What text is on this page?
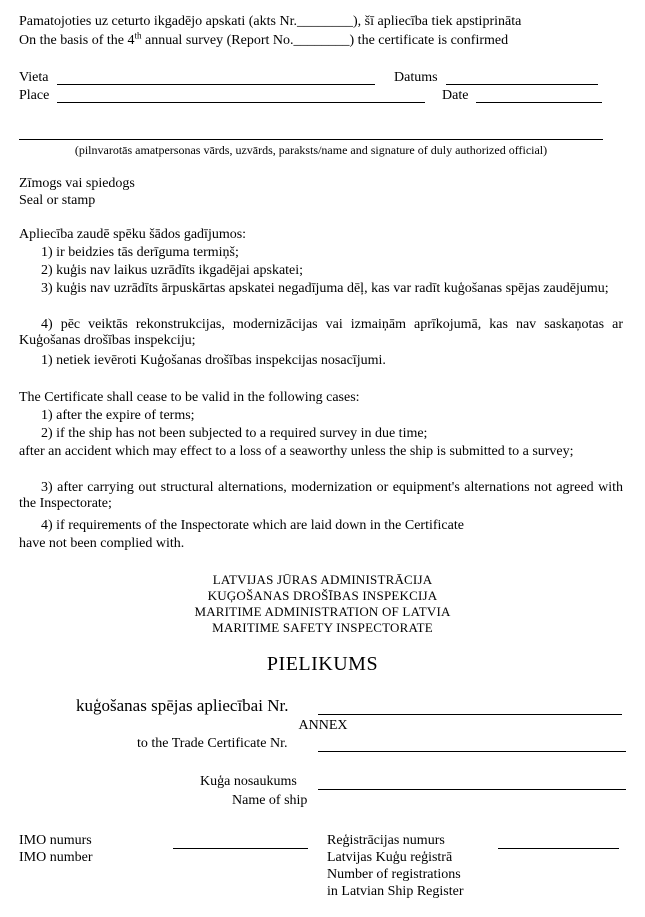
Pamatojoties uz ceturto ikgadējo apskati (akts Nr.________), šī apliecība tiek apstiprināta
On the basis of the 4th annual survey (Report No.________) the certificate is confirmed
Vieta	Datums
Place	Date
(pilnvarotās amatpersonas vārds, uzvārds, paraksts/name and signature of duly authorized official)
Zīmogs vai spiedogs
Seal or stamp
Apliecība zaudē spēku šādos gadījumos:
1) ir beidzies tās derīguma termiņš;
2) kuģis nav laikus uzrādīts ikgadējai apskatei;
3) kuģis nav uzrādīts ārpuskārtas apskatei negadījuma dēļ, kas var radīt kuģošanas spējas zaudējumu;
4) pēc veiktās rekonstrukcijas, modernizācijas vai izmaiņām aprīkojumā, kas nav saskaņotas ar Kuģošanas drošības inspekciju;
1) netiek ievēroti Kuģošanas drošības inspekcijas nosacījumi.
The Certificate shall cease to be valid in the following cases:
1) after the expire of terms;
2) if the ship has not been subjected to a required survey in due time;
after an accident which may effect to a loss of a seaworthy unless the ship is submitted to a survey;
3) after carrying out structural alternations, modernization or equipment's alternations not agreed with the Inspectorate;
4) if requirements of the Inspectorate which are laid down in the Certificate
have not been complied with.
LATVIJAS JŪRAS ADMINISTRĀCIJA
KUĢOŠANAS DROŠĪBAS INSPEKCIJA
MARITIME ADMINISTRATION OF LATVIA
MARITIME SAFETY INSPECTORATE
PIELIKUMS
kuģošanas spējas apliecībai Nr.
ANNEX
to the Trade Certificate Nr.
Kuģa nosaukums
Name of ship
IMO numurs
IMO number
Reģistrācijas numurs
Latvijas Kuģu reģistrā
Number of registrations
in Latvian Ship Register
